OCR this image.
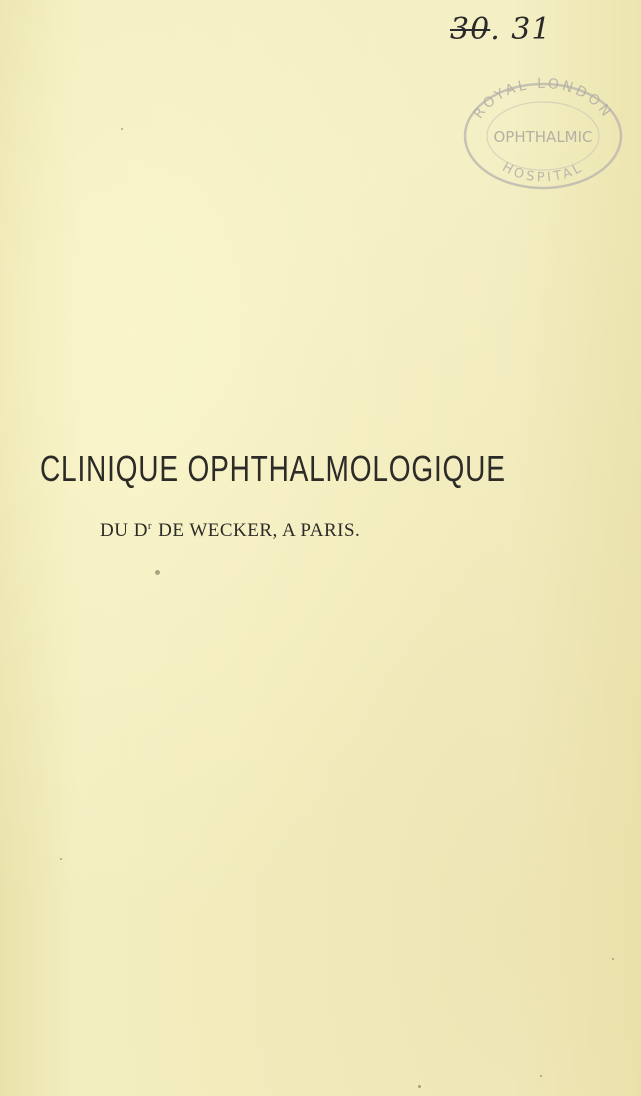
30. 31
ROYAL LONDON
OPHTHALMIC
HOSPITAL
CLINIQUE OPHTHALMOLOGIQUE
DU $D^r$ DE WECKER, A PARIS.
